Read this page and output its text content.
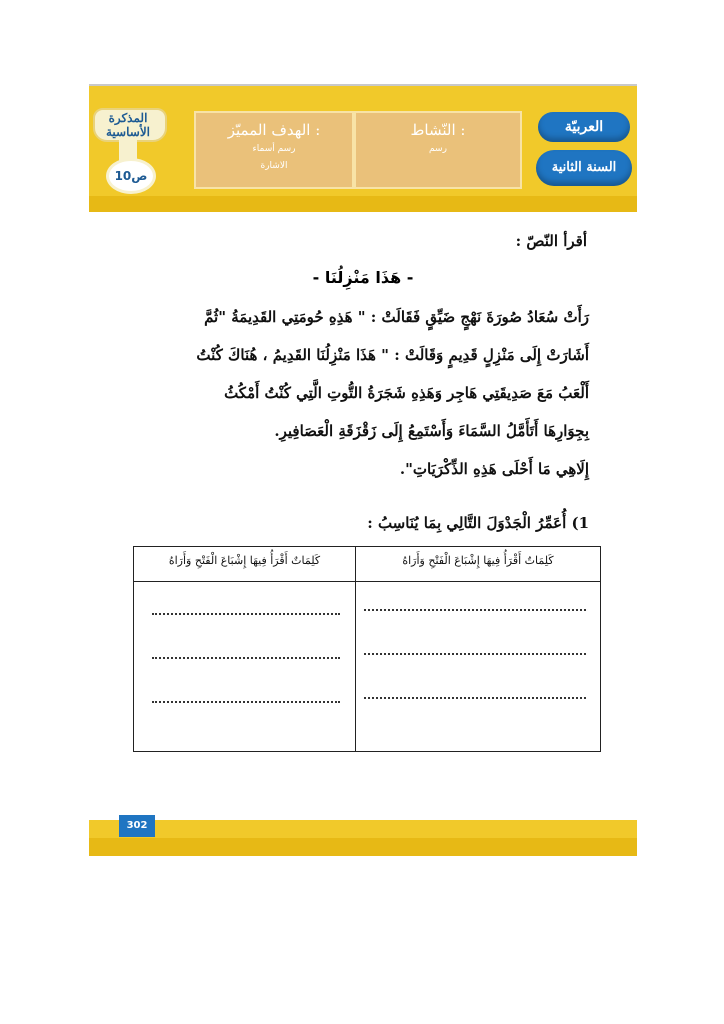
المذكرة الأساسية
1ص0
الهدف المميّز :
رسم أسماء
الاشارة
النّشاط :
رسم
العربيّة
السنة الثانية
أقرأ النّصّ :
- هَذَا مَنْزِلُنَا -
رَأَتْ سُعَادُ صُورَةَ نَهْجٍ ضَيِّقٍ فَقَالَتْ : " هَذِهِ حُومَتِي القَدِيمَةُ "ثُمَّ
أَشَارَتْ إِلَى مَنْزِلٍ قَدِيمٍ وَقَالَتْ : " هَذَا مَنْزِلُنَا القَدِيمُ ، هُنَاكَ كُنْتُ
أَلْعَبُ مَعَ صَدِيقَتِي هَاجِر وَهَذِهِ شَجَرَةُ التُّوتِ الَّتِي كُنْتُ أَمْكُثُ
بِجِوَارِهَا أَتَأَمَّلُ السَّمَاءَ وَأَسْتَمِعُ إِلَى زَقْزَقَةِ الْعَصَافِيرِ.
إِلَاهِي مَا أَحْلَى هَذِهِ الذِّكْرَيَاتِ".
1) أُعَمِّرُ الْجَدْوَلَ التَّالِي بِمَا يُنَاسِبُ :
كَلِمَاتٌ أَقْرَأُ فِيهَا إِشْبَاعَ الْفَتْحِ وَأَرَاهُ
كَلِمَاتٌ أَقْرَأُ فِيهَا إِشْبَاعَ الْفَتْحِ وَأَرَاهُ
302
